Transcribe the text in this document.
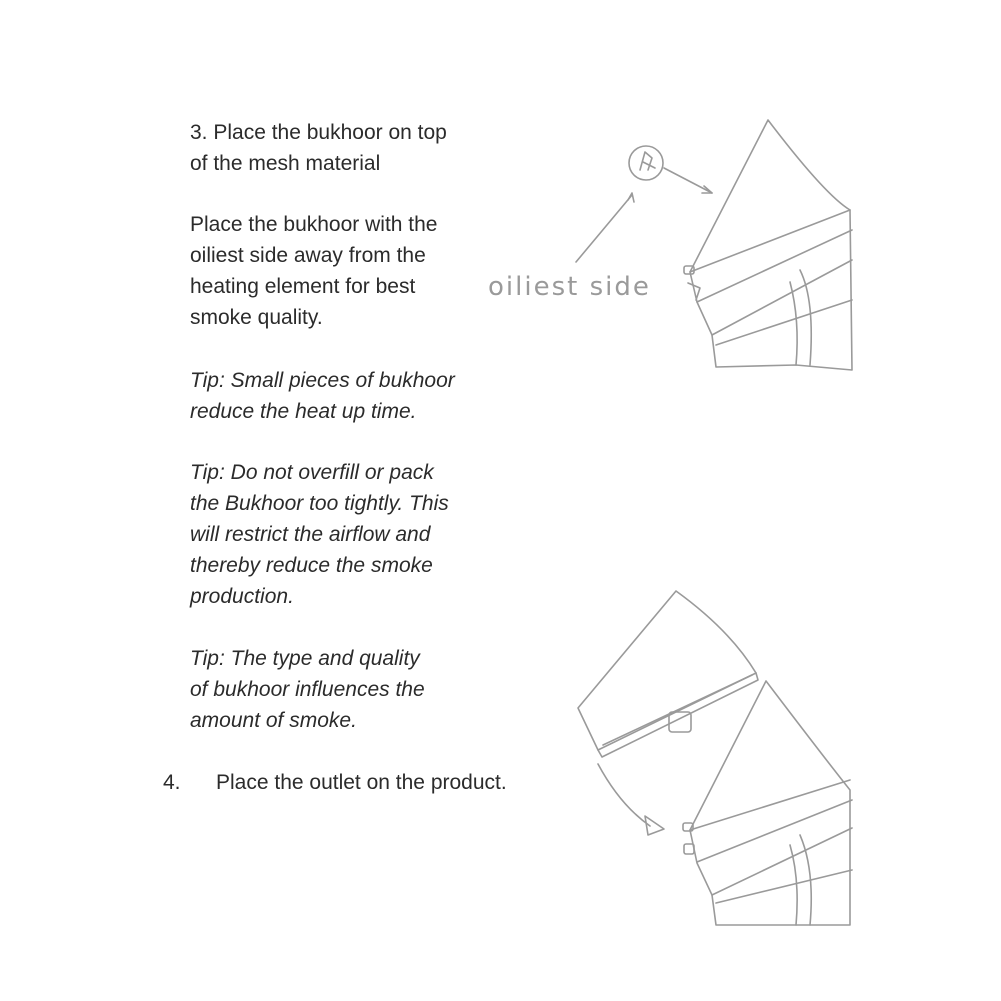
3. Place the bukhoor on top
of the mesh material
Place the bukhoor with the
oiliest side away from the
heating element for best
smoke quality.
Tip: Small pieces of bukhoor
reduce the heat up time.
Tip: Do not overfill or pack
the Bukhoor too tightly. This
will restrict the airflow and
thereby reduce the smoke
production.
Tip: The type and quality
of bukhoor influences the
amount of smoke.
4. Place the outlet on the product.
oiliest side
